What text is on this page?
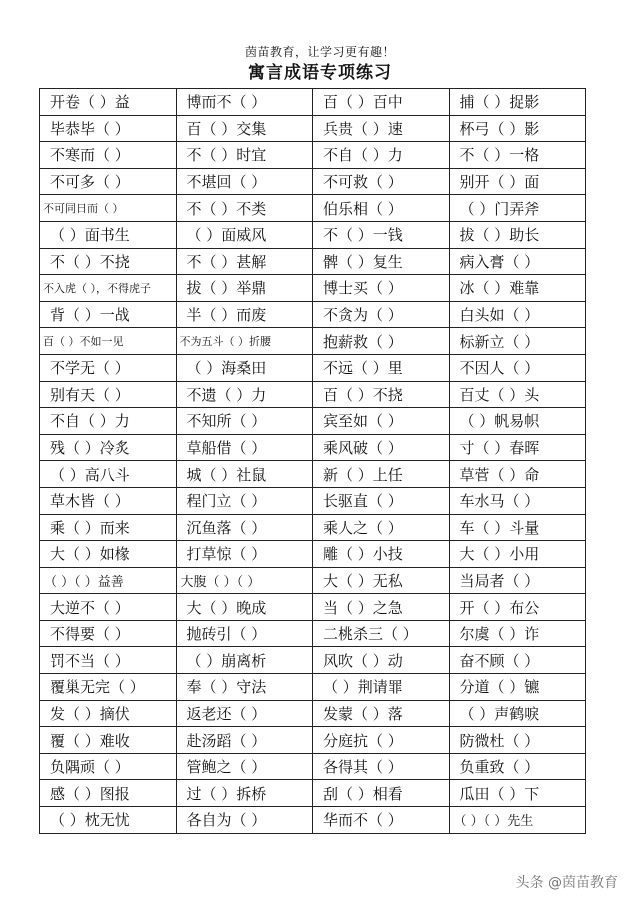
茵苗教育，让学习更有趣！
寓言成语专项练习
开卷（ ）益	博而不（ ）	百（ ）百中	捕（ ）捉影
毕恭毕（ ）	百（ ）交集	兵贵（ ）速	杯弓（ ）影
不寒而（ ）	不（ ）时宜	不自（ ）力	不（ ）一格
不可多（ ）	不堪回（ ）	不可救（ ）	别开（ ）面
不可同日而（ ）	不（ ）不类	伯乐相（ ）	（ ）门弄斧
（ ）面书生	（ ）面威风	不（ ）一钱	拔（ ）助长
不（ ）不挠	不（ ）甚解	髀（ ）复生	病入膏（ ）
不入虎（ ），不得虎子	拔（ ）举鼎	博士买（ ）	冰（ ）难靠
背（ ）一战	半（ ）而废	不贪为（ ）	白头如（ ）
百（ ）不如一见	不为五斗（ ）折腰	抱薪救（ ）	标新立（ ）
不学无（ ）	（ ）海桑田	不远（ ）里	不因人（ ）
别有天（ ）	不遗（ ）力	百（ ）不挠	百丈（ ）头
不自（ ）力	不知所（ ）	宾至如（ ）	（ ）帆易帜
残（ ）冷炙	草船借（ ）	乘风破（ ）	寸（ ）春晖
（ ）高八斗	城（ ）社鼠	新（ ）上任	草菅（ ）命
草木皆（ ）	程门立（ ）	长驱直（ ）	车水马（ ）
乘（ ）而来	沉鱼落（ ）	乘人之（ ）	车（ ）斗量
大（ ）如椽	打草惊（ ）	雕（ ）小技	大（ ）小用
（ ）（ ）益善	大腹（ ）（ ）	大（ ）无私	当局者（ ）
大逆不（ ）	大（ ）晚成	当（ ）之急	开（ ）布公
不得要（ ）	抛砖引（ ）	二桃杀三（ ）	尔虞（ ）诈
罚不当（ ）	（ ）崩离析	风吹（ ）动	奋不顾（ ）
覆巢无完（ ）	奉（ ）守法	（ ）荆请罪	分道（ ）镳
发（ ）摘伏	返老还（ ）	发蒙（ ）落	（ ）声鹤唳
覆（ ）难收	赴汤蹈（ ）	分庭抗（ ）	防微杜（ ）
负隅顽（ ）	管鲍之（ ）	各得其（ ）	负重致（ ）
感（ ）图报	过（ ）拆桥	刮（ ）相看	瓜田（ ）下
（ ）枕无忧	各自为（ ）	华而不（ ）	（ ）（ ）先生
头条 @茵苗教育
